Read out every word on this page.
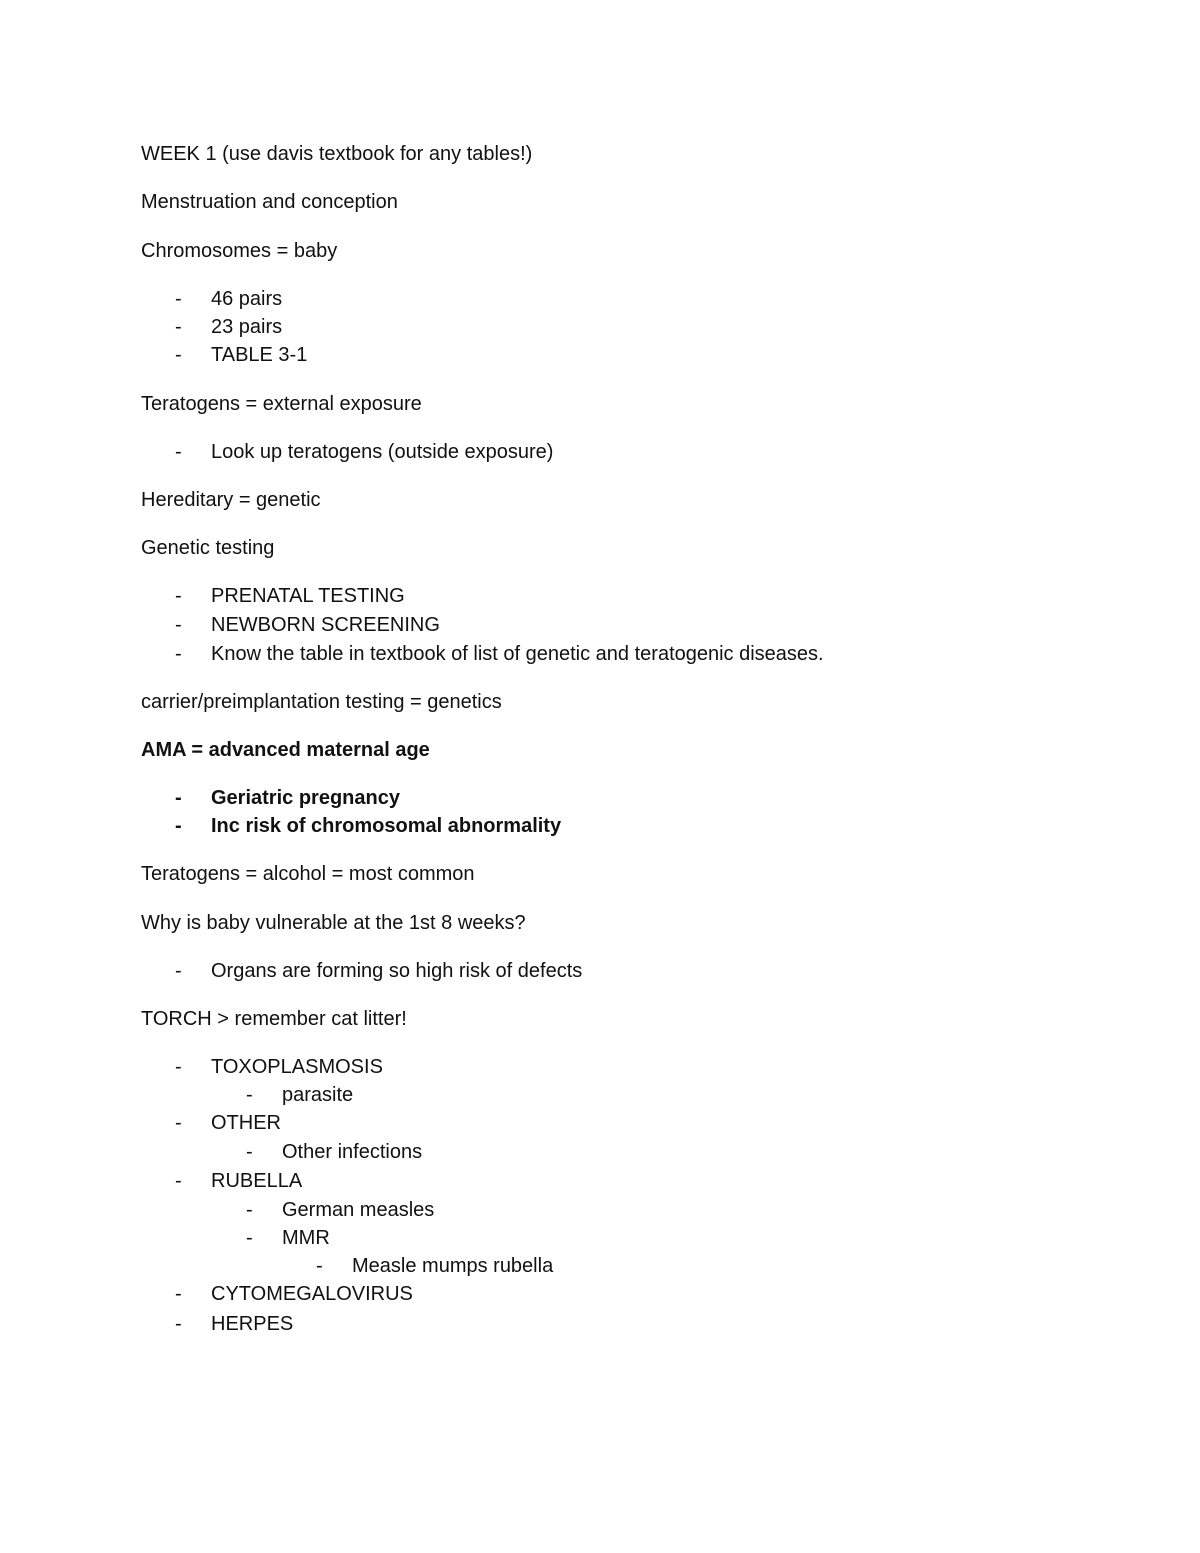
WEEK 1 (use davis textbook for any tables!)
Menstruation and conception
Chromosomes = baby
-	46 pairs
-	23 pairs
-	TABLE 3-1
Teratogens = external exposure
-	Look up teratogens (outside exposure)
Hereditary = genetic
Genetic testing
-	PRENATAL TESTING
-	NEWBORN SCREENING
-	Know the table in textbook of list of genetic and teratogenic diseases.
carrier/preimplantation testing = genetics
AMA = advanced maternal age
-	Geriatric pregnancy
-	Inc risk of chromosomal abnormality
Teratogens = alcohol = most common
Why is baby vulnerable at the 1st 8 weeks?
-	Organs are forming so high risk of defects
TORCH > remember cat litter!
-	TOXOPLASMOSIS
-	parasite
-	OTHER
-	Other infections
-	RUBELLA
-	German measles
-	MMR
-	Measle mumps rubella
-	CYTOMEGALOVIRUS
-	HERPES
